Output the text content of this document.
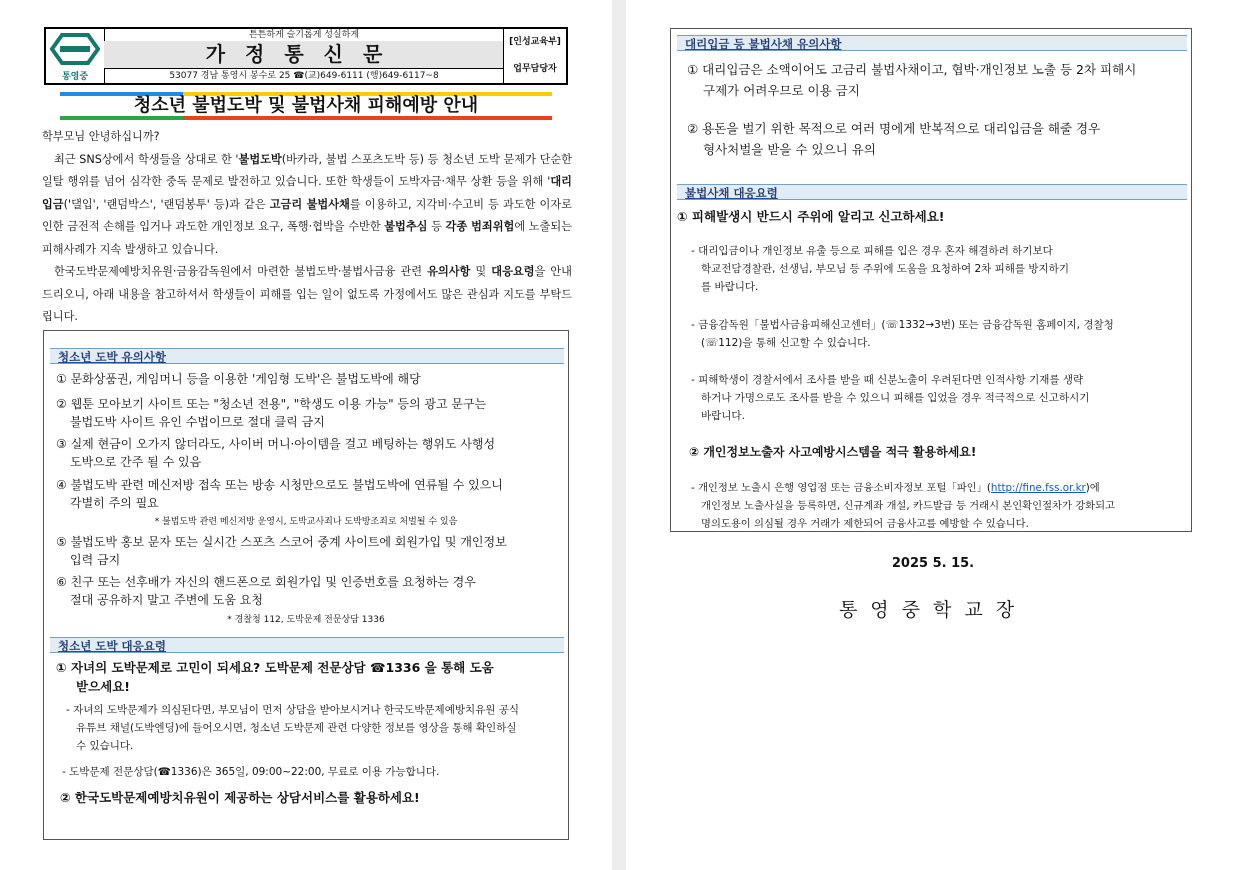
통영중
튼튼하게 슬기롭게 성실하게
가정통신문
53077 경남 통영시 봉수로 25 ☎(교)649-6111 (행)649-6117~8
[인성교육부]
업무담당자
청소년 불법도박 및 불법사채 피해예방 안내

학부모님 안녕하십니까?

최근 SNS상에서 학생들을 상대로 한 '불법도박(바카라, 불법 스포츠도박 등) 등 청소년 도박 문제가 단순한 일탈 행위를 넘어 심각한 중독 문제로 발전하고 있습니다. 또한 학생들이 도박자금·채무 상환 등을 위해 '대리입금('댈입', '랜덤박스', '랜덤봉투' 등)과 같은 고금리 불법사채를 이용하고, 지각비·수고비 등 과도한 이자로 인한 금전적 손해를 입거나 과도한 개인정보 요구, 폭행·협박을 수반한 불법추심 등 각종 범죄위험에 노출되는 피해사례가 지속 발생하고 있습니다.

한국도박문제예방치유원·금융감독원에서 마련한 불법도박·불법사금융 관련 유의사항 및 대응요령을 안내드리오니, 아래 내용을 참고하셔서 학생들이 피해를 입는 일이 없도록 가정에서도 많은 관심과 지도를 부탁드립니다.

청소년 도박 유의사항
① 문화상품권, 게임머니 등을 이용한 '게임형 도박'은 불법도박에 해당
② 웹툰 모아보기 사이트 또는 "청소년 전용", "학생도 이용 가능" 등의 광고 문구는
불법도박 사이트 유인 수법이므로 절대 클릭 금지
③ 실제 현금이 오가지 않더라도, 사이버 머니·아이템을 걸고 베팅하는 행위도 사행성
도박으로 간주 될 수 있음
④ 불법도박 관련 메신저방 접속 또는 방송 시청만으로도 불법도박에 연류될 수 있으니
각별히 주의 필요
* 불법도박 관련 메신저방 운영시, 도박교사죄나 도박방조죄로 처벌될 수 있음
⑤ 불법도박 홍보 문자 또는 실시간 스포츠 스코어 중계 사이트에 회원가입 및 개인정보
입력 금지
⑥ 친구 또는 선후배가 자신의 핸드폰으로 회원가입 및 인증번호를 요청하는 경우
절대 공유하지 말고 주변에 도움 요청
* 경찰청 112, 도박문제 전문상담 1336
청소년 도박 대응요령
① 자녀의 도박문제로 고민이 되세요? 도박문제 전문상담 ☎1336 을 통해 도움
받으세요!
- 자녀의 도박문제가 의심된다면, 부모님이 먼저 상담을 받아보시거나 한국도박문제예방치유원 공식
유튜브 채널(도박엔딩)에 들어오시면, 청소년 도박문제 관련 다양한 정보를 영상을 통해 확인하실
수 있습니다.
- 도박문제 전문상담(☎1336)은 365일, 09:00~22:00, 무료로 이용 가능합니다.
② 한국도박문제예방치유원이 제공하는 상담서비스를 활용하세요!
대리입금 등 불법사채 유의사항
① 대리입금은 소액이어도 고금리 불법사채이고, 협박·개인정보 노출 등 2차 피해시
구제가 어려우므로 이용 금지
② 용돈을 벌기 위한 목적으로 여러 명에게 반복적으로 대리입금을 해줄 경우
형사처벌을 받을 수 있으니 유의
불법사채 대응요령
① 피해발생시 반드시 주위에 알리고 신고하세요!
- 대리입금이나 개인정보 유출 등으로 피해를 입은 경우 혼자 해결하려 하기보다
학교전담경찰관, 선생님, 부모님 등 주위에 도움을 요청하여 2차 피해를 방지하기
를 바랍니다.
- 금융감독원「불법사금융피해신고센터」(☏1332→3번) 또는 금융감독원 홈페이지, 경찰청
(☏112)을 통해 신고할 수 있습니다.
- 피해학생이 경찰서에서 조사를 받을 때 신분노출이 우려된다면 인적사항 기재를 생략
하거나 가명으로도 조사를 받을 수 있으니 피해를 입었을 경우 적극적으로 신고하시기
바랍니다.
② 개인정보노출자 사고예방시스템을 적극 활용하세요!
- 개인정보 노출시 은행 영업점 또는 금융소비자정보 포털「파인」(http://fine.fss.or.kr)에
개인정보 노출사실을 등록하면, 신규계좌 개설, 카드발급 등 거래시 본인확인절차가 강화되고
명의도용이 의심될 경우 거래가 제한되어 금융사고를 예방할 수 있습니다.
2025 5. 15.
통영중학교장
